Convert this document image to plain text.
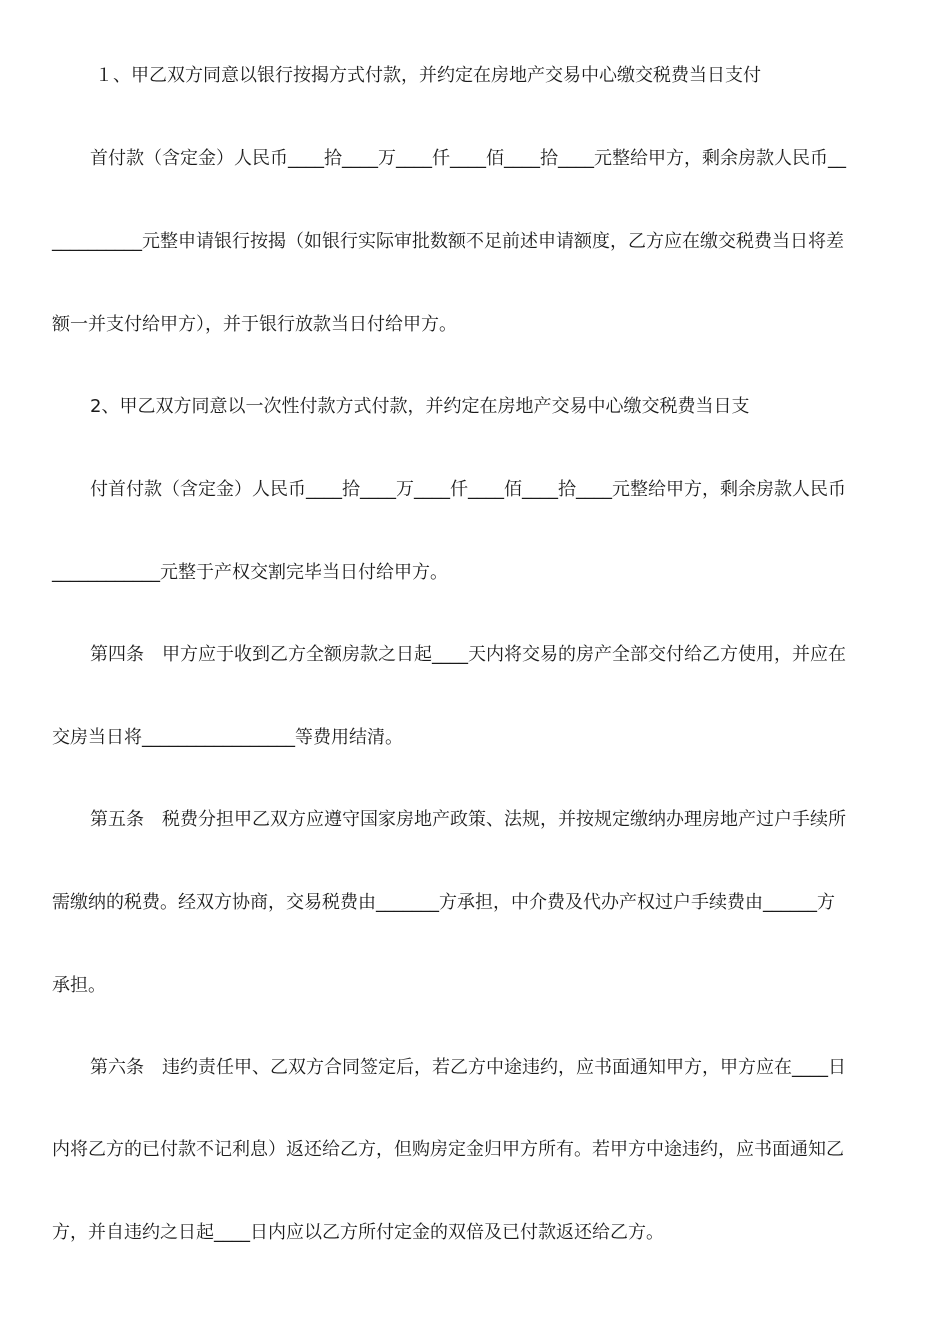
１、甲乙双方同意以银行按揭方式付款，并约定在房地产交易中心缴交税费当日支付
首付款（含定金）人民币____拾____万____仟____佰____拾____元整给甲方，剩余房款人民币__
__________元整申请银行按揭（如银行实际审批数额不足前述申请额度，乙方应在缴交税费当日将差
额一并支付给甲方），并于银行放款当日付给甲方。
2、甲乙双方同意以一次性付款方式付款，并约定在房地产交易中心缴交税费当日支
付首付款（含定金）人民币____拾____万____仟____佰____拾____元整给甲方，剩余房款人民币
____________元整于产权交割完毕当日付给甲方。
第四条　甲方应于收到乙方全额房款之日起____天内将交易的房产全部交付给乙方使用，并应在
交房当日将_________________等费用结清。
第五条　税费分担甲乙双方应遵守国家房地产政策、法规，并按规定缴纳办理房地产过户手续所
需缴纳的税费。经双方协商，交易税费由_______方承担，中介费及代办产权过户手续费由______方
承担。
第六条　违约责任甲、乙双方合同签定后，若乙方中途违约，应书面通知甲方，甲方应在____日
内将乙方的已付款不记利息）返还给乙方，但购房定金归甲方所有。若甲方中途违约，应书面通知乙
方，并自违约之日起____日内应以乙方所付定金的双倍及已付款返还给乙方。
